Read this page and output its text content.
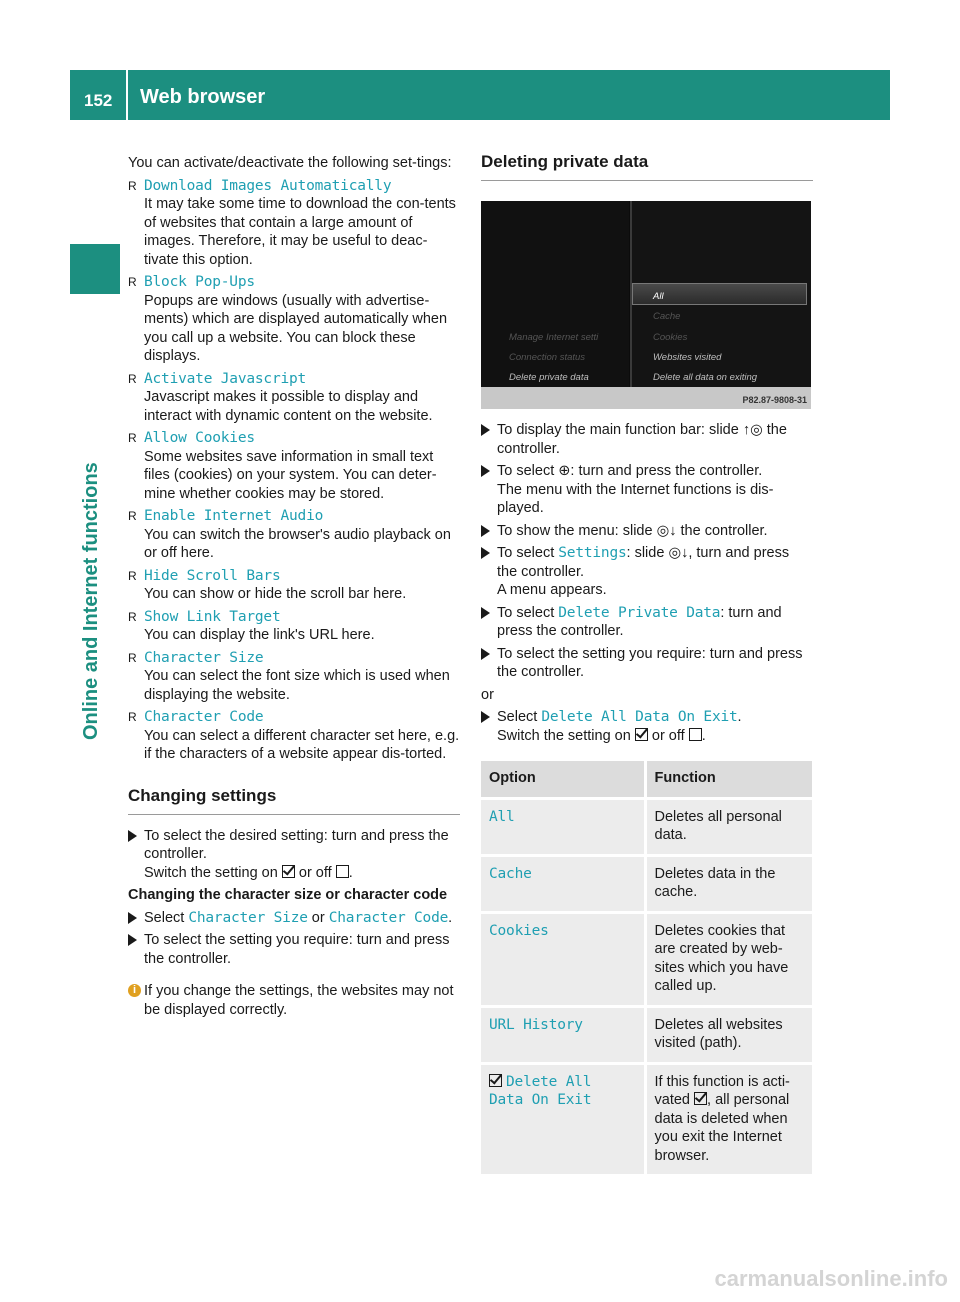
152 Web browser
Online and Internet functions
You can activate/deactivate the following set-tings:
R Download Images Automatically
It may take some time to download the con-tents of websites that contain a large amount of images. Therefore, it may be useful to deac-tivate this option.
R Block Pop-Ups
Popups are windows (usually with advertise-ments) which are displayed automatically when you call up a website. You can block these displays.
R Activate Javascript
Javascript makes it possible to display and interact with dynamic content on the website.
R Allow Cookies
Some websites save information in small text files (cookies) on your system. You can deter-mine whether cookies may be stored.
R Enable Internet Audio
You can switch the browser's audio playback on or off here.
R Hide Scroll Bars
You can show or hide the scroll bar here.
R Show Link Target
You can display the link's URL here.
R Character Size
You can select the font size which is used when displaying the website.
R Character Code
You can select a different character set here, e.g. if the characters of a website appear dis-torted.
Changing settings
To select the desired setting: turn and press the controller.
Switch the setting on or off .
Changing the character size or character code
Select Character Size or Character Code.
To select the setting you require: turn and press the controller.
i If you change the settings, the websites may not be displayed correctly.
Deleting private data
Manage Internet setti
Connection status
Delete private data
All
Cache
Cookies
Websites visited
Delete all data on exiting
P82.87-9808-31
To display the main function bar: slide ↑◎ the controller.
To select ⊕: turn and press the controller.
The menu with the Internet functions is dis-played.
To show the menu: slide ◎↓ the controller.
To select Settings: slide ◎↓, turn and press the controller.
A menu appears.
To select Delete Private Data: turn and press the controller.
To select the setting you require: turn and press the controller.
or
Select Delete All Data On Exit.
Switch the setting on or off .
Option	Function
All	Deletes all personal data.
Cache	Deletes data in the cache.
Cookies	Deletes cookies that are created by web-sites which you have called up.
URL History	Deletes all websites visited (path).
Delete All
Data On Exit	If this function is acti-vated , all personal data is deleted when you exit the Internet browser.
carmanualsonline.info
